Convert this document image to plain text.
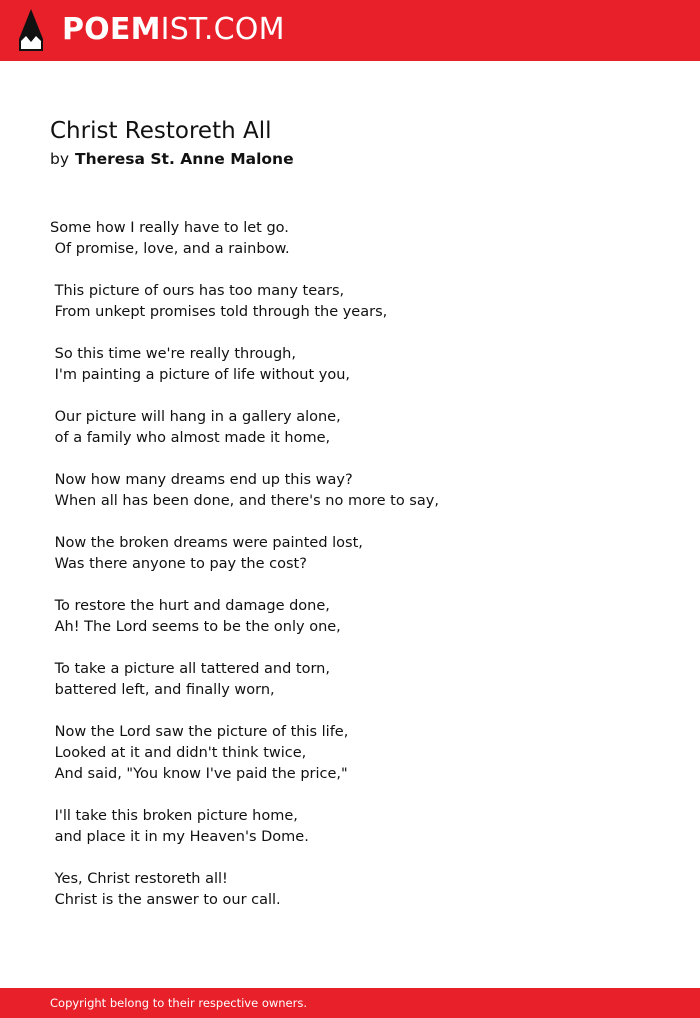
POEMIST.COM
Christ Restoreth All
by Theresa St. Anne Malone
Some how I really have to let go.
Of promise, love, and a rainbow.
This picture of ours has too many tears,
From unkept promises told through the years,
So this time we're really through,
I'm painting a picture of life without you,
Our picture will hang in a gallery alone,
of a family who almost made it home,
Now how many dreams end up this way?
When all has been done, and there's no more to say,
Now the broken dreams were painted lost,
Was there anyone to pay the cost?
To restore the hurt and damage done,
Ah! The Lord seems to be the only one,
To take a picture all tattered and torn,
battered left, and finally worn,
Now the Lord saw the picture of this life,
Looked at it and didn't think twice,
And said, "You know I've paid the price,"
I'll take this broken picture home,
and place it in my Heaven's Dome.
Yes, Christ restoreth all!
Christ is the answer to our call.
Copyright belong to their respective owners.
